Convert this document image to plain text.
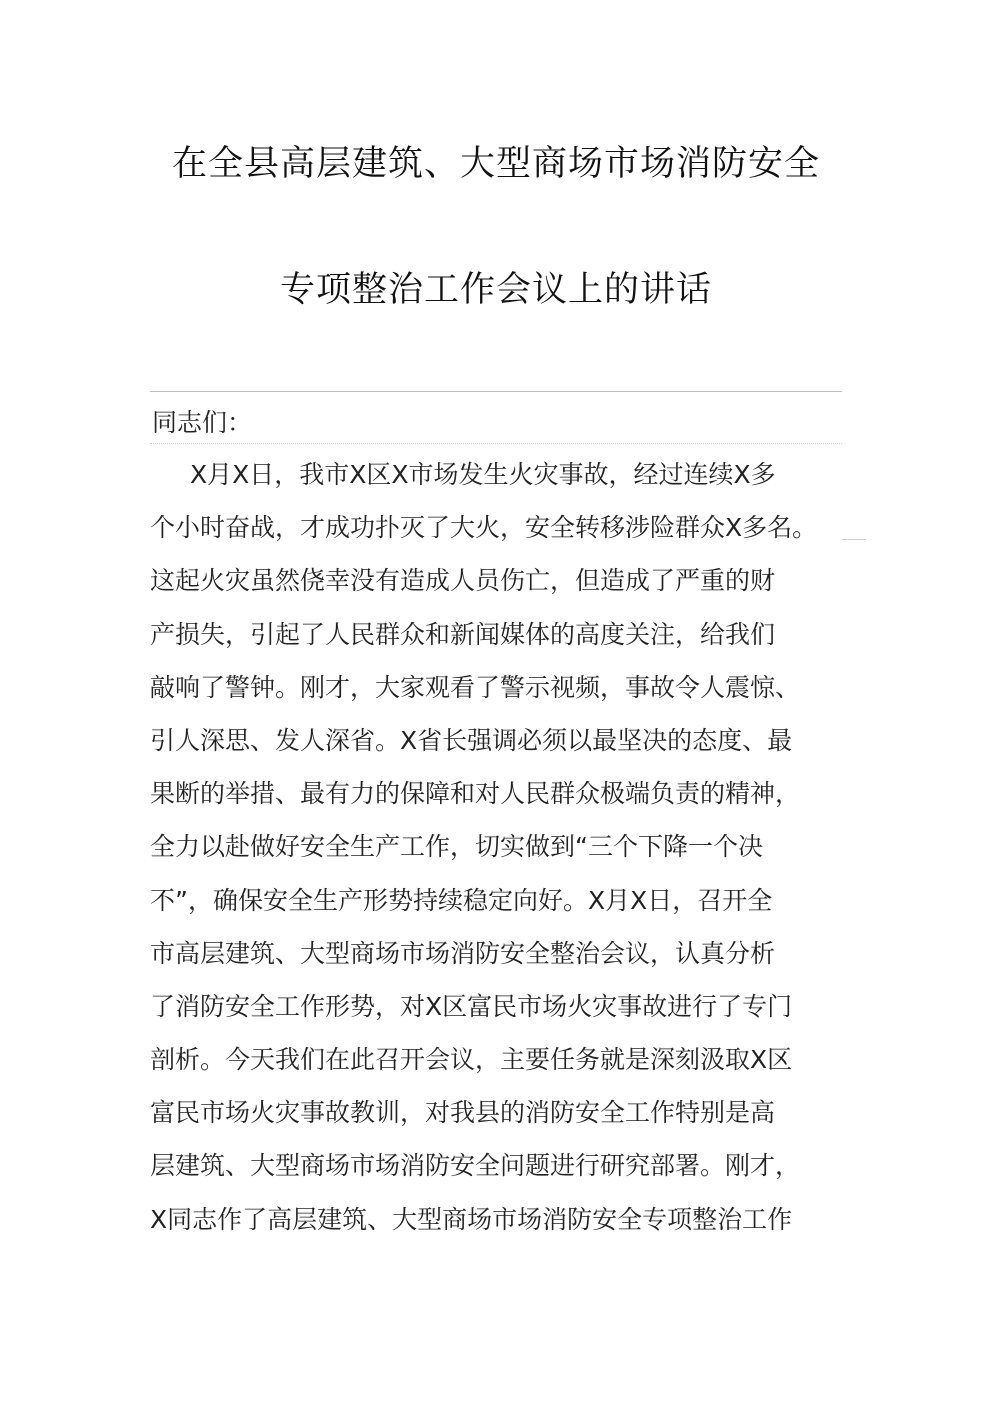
在全县高层建筑、大型商场市场消防安全
专项整治工作会议上的讲话
同志们：
X月X日，我市X区X市场发生火灾事故，经过连续X多
个小时奋战，才成功扑灭了大火，安全转移涉险群众X多名。
这起火灾虽然侥幸没有造成人员伤亡，但造成了严重的财
产损失，引起了人民群众和新闻媒体的高度关注，给我们
敲响了警钟。刚才，大家观看了警示视频，事故令人震惊、
引人深思、发人深省。X省长强调必须以最坚决的态度、最
果断的举措、最有力的保障和对人民群众极端负责的精神，
全力以赴做好安全生产工作，切实做到“三个下降一个决
不”，确保安全生产形势持续稳定向好。X月X日，召开全
市高层建筑、大型商场市场消防安全整治会议，认真分析
了消防安全工作形势，对X区富民市场火灾事故进行了专门
剖析。今天我们在此召开会议，主要任务就是深刻汲取X区
富民市场火灾事故教训，对我县的消防安全工作特别是高
层建筑、大型商场市场消防安全问题进行研究部署。刚才，
X同志作了高层建筑、大型商场市场消防安全专项整治工作
